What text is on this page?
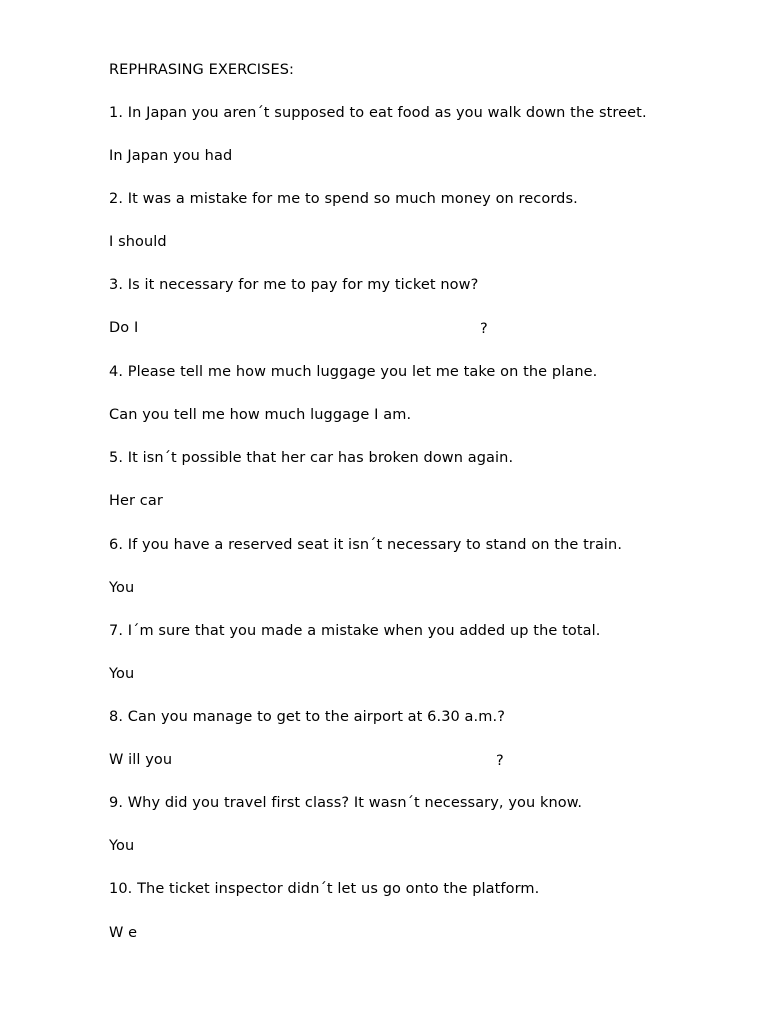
REPHRASING EXERCISES:
1. In Japan you aren´t supposed to eat food as you walk down the street.
In Japan you had
2. It was a mistake for me to spend so much money on records.
I should
3. Is it necessary for me to pay for my ticket now?
Do I	?
4. Please tell me how much luggage you let me take on the plane.
Can you tell me how much luggage I am.
5. It isn´t possible that her car has broken down again.
Her car
6. If you have a reserved seat it isn´t necessary to stand on the train.
You
7. I´m sure that you made a mistake when you added up the total.
You
8. Can you manage to get to the airport at 6.30 a.m.?
W ill you	?
9. Why did you travel first class? It wasn´t necessary, you know.
You
10. The ticket inspector didn´t let us go onto the platform.
W e
